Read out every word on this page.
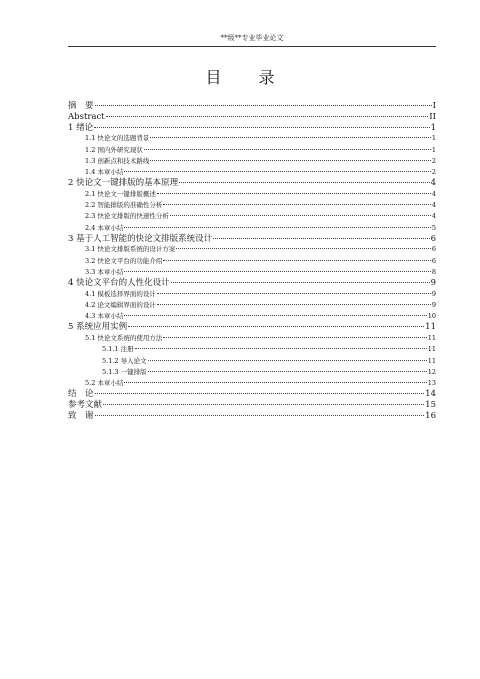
**级**专业毕业论文
目 录
摘　要	I
Abstract	II
1 绪论	1
1.1 快论文的选题背景	1
1.2 国内外研究现状	1
1.3 创新点和技术路线	2
1.4 本章小结	2
2 快论文一键排版的基本原理	4
2.1 快论文一键排版概述	4
2.2 智能排版的准确性分析	4
2.3 快论文排版的快速性分析	4
2.4 本章小结	5
3 基于人工智能的快论文排版系统设计	6
3.1 快论文排版系统的设计方案	6
3.2 快论文平台的功能介绍	6
3.3 本章小结	8
4 快论文平台的人性化设计	9
4.1 模板选择界面的设计	9
4.2 论文编辑界面的设计	9
4.3 本章小结	10
5 系统应用实例	11
5.1 快论文系统的使用方法	11
5.1.1 注册	11
5.1.2 导入论文	11
5.1.3 一键排版	12
5.2 本章小结	13
结　论	14
参考文献	15
致　谢	16
